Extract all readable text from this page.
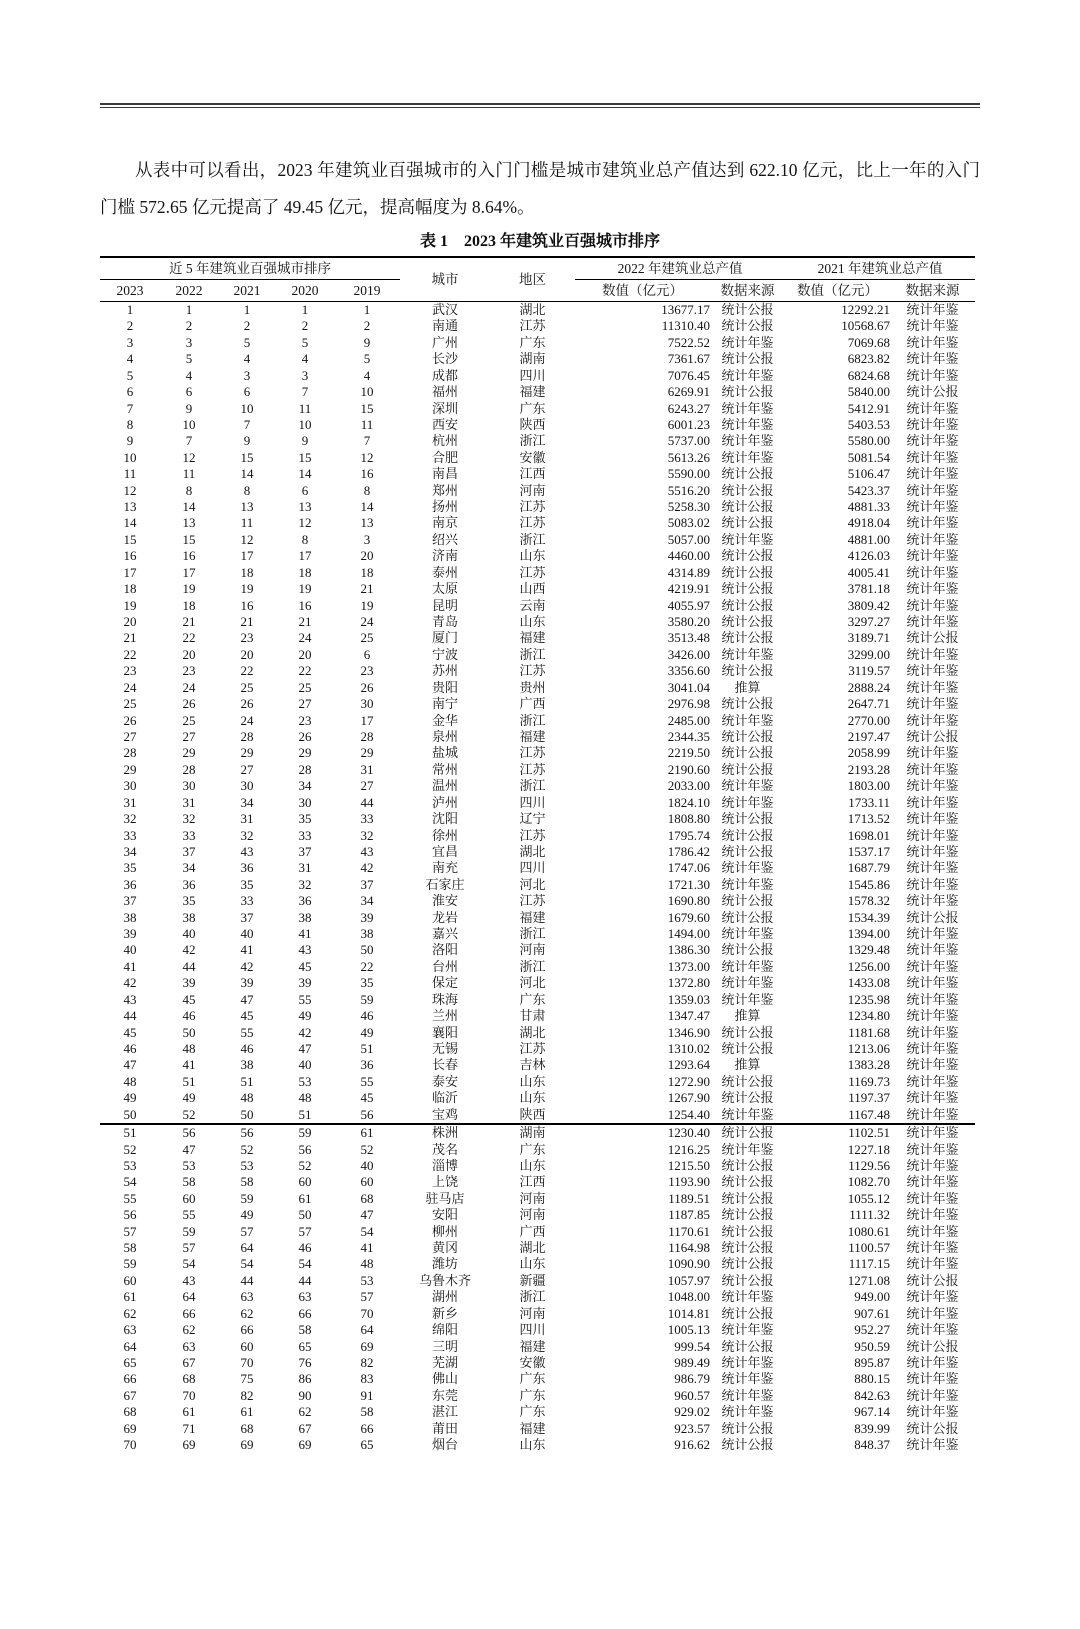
从表中可以看出，2023 年建筑业百强城市的入门门槛是城市建筑业总产值达到 622.10 亿元，比上一年的入门门槛 572.65 亿元提高了 49.45 亿元，提高幅度为 8.64%。

表 1　2023 年建筑业百强城市排序
近 5 年建筑业百强城市排序					城市	地区	2022 年建筑业总产值		2021 年建筑业总产值	
2023	2022	2021	2020	2019			数值（亿元）	数据来源	数值（亿元）	数据来源
1	1	1	1	1	武汉	湖北	13677.17	统计公报	12292.21	统计年鉴
2	2	2	2	2	南通	江苏	11310.40	统计公报	10568.67	统计年鉴
3	3	5	5	9	广州	广东	7522.52	统计年鉴	7069.68	统计年鉴
4	5	4	4	5	长沙	湖南	7361.67	统计公报	6823.82	统计年鉴
5	4	3	3	4	成都	四川	7076.45	统计年鉴	6824.68	统计年鉴
6	6	6	7	10	福州	福建	6269.91	统计公报	5840.00	统计公报
7	9	10	11	15	深圳	广东	6243.27	统计年鉴	5412.91	统计年鉴
8	10	7	10	11	西安	陕西	6001.23	统计年鉴	5403.53	统计年鉴
9	7	9	9	7	杭州	浙江	5737.00	统计年鉴	5580.00	统计年鉴
10	12	15	15	12	合肥	安徽	5613.26	统计年鉴	5081.54	统计年鉴
11	11	14	14	16	南昌	江西	5590.00	统计公报	5106.47	统计年鉴
12	8	8	6	8	郑州	河南	5516.20	统计公报	5423.37	统计年鉴
13	14	13	13	14	扬州	江苏	5258.30	统计公报	4881.33	统计年鉴
14	13	11	12	13	南京	江苏	5083.02	统计公报	4918.04	统计年鉴
15	15	12	8	3	绍兴	浙江	5057.00	统计年鉴	4881.00	统计年鉴
16	16	17	17	20	济南	山东	4460.00	统计公报	4126.03	统计年鉴
17	17	18	18	18	泰州	江苏	4314.89	统计公报	4005.41	统计年鉴
18	19	19	19	21	太原	山西	4219.91	统计公报	3781.18	统计年鉴
19	18	16	16	19	昆明	云南	4055.97	统计公报	3809.42	统计年鉴
20	21	21	21	24	青岛	山东	3580.20	统计公报	3297.27	统计年鉴
21	22	23	24	25	厦门	福建	3513.48	统计公报	3189.71	统计公报
22	20	20	20	6	宁波	浙江	3426.00	统计年鉴	3299.00	统计年鉴
23	23	22	22	23	苏州	江苏	3356.60	统计公报	3119.57	统计年鉴
24	24	25	25	26	贵阳	贵州	3041.04	推算	2888.24	统计年鉴
25	26	26	27	30	南宁	广西	2976.98	统计公报	2647.71	统计年鉴
26	25	24	23	17	金华	浙江	2485.00	统计年鉴	2770.00	统计年鉴
27	27	28	26	28	泉州	福建	2344.35	统计公报	2197.47	统计公报
28	29	29	29	29	盐城	江苏	2219.50	统计公报	2058.99	统计年鉴
29	28	27	28	31	常州	江苏	2190.60	统计公报	2193.28	统计年鉴
30	30	30	34	27	温州	浙江	2033.00	统计年鉴	1803.00	统计年鉴
31	31	34	30	44	泸州	四川	1824.10	统计年鉴	1733.11	统计年鉴
32	32	31	35	33	沈阳	辽宁	1808.80	统计公报	1713.52	统计年鉴
33	33	32	33	32	徐州	江苏	1795.74	统计公报	1698.01	统计年鉴
34	37	43	37	43	宜昌	湖北	1786.42	统计公报	1537.17	统计年鉴
35	34	36	31	42	南充	四川	1747.06	统计年鉴	1687.79	统计年鉴
36	36	35	32	37	石家庄	河北	1721.30	统计年鉴	1545.86	统计年鉴
37	35	33	36	34	淮安	江苏	1690.80	统计公报	1578.32	统计年鉴
38	38	37	38	39	龙岩	福建	1679.60	统计公报	1534.39	统计公报
39	40	40	41	38	嘉兴	浙江	1494.00	统计年鉴	1394.00	统计年鉴
40	42	41	43	50	洛阳	河南	1386.30	统计公报	1329.48	统计年鉴
41	44	42	45	22	台州	浙江	1373.00	统计年鉴	1256.00	统计年鉴
42	39	39	39	35	保定	河北	1372.80	统计年鉴	1433.08	统计年鉴
43	45	47	55	59	珠海	广东	1359.03	统计年鉴	1235.98	统计年鉴
44	46	45	49	46	兰州	甘肃	1347.47	推算	1234.80	统计年鉴
45	50	55	42	49	襄阳	湖北	1346.90	统计公报	1181.68	统计年鉴
46	48	46	47	51	无锡	江苏	1310.02	统计公报	1213.06	统计年鉴
47	41	38	40	36	长春	吉林	1293.64	推算	1383.28	统计年鉴
48	51	51	53	55	泰安	山东	1272.90	统计公报	1169.73	统计年鉴
49	49	48	48	45	临沂	山东	1267.90	统计公报	1197.37	统计年鉴
50	52	50	51	56	宝鸡	陕西	1254.40	统计年鉴	1167.48	统计年鉴
51	56	56	59	61	株洲	湖南	1230.40	统计公报	1102.51	统计年鉴
52	47	52	56	52	茂名	广东	1216.25	统计年鉴	1227.18	统计年鉴
53	53	53	52	40	淄博	山东	1215.50	统计公报	1129.56	统计年鉴
54	58	58	60	60	上饶	江西	1193.90	统计公报	1082.70	统计年鉴
55	60	59	61	68	驻马店	河南	1189.51	统计公报	1055.12	统计年鉴
56	55	49	50	47	安阳	河南	1187.85	统计公报	1111.32	统计年鉴
57	59	57	57	54	柳州	广西	1170.61	统计公报	1080.61	统计年鉴
58	57	64	46	41	黄冈	湖北	1164.98	统计公报	1100.57	统计年鉴
59	54	54	54	48	潍坊	山东	1090.90	统计公报	1117.15	统计年鉴
60	43	44	44	53	乌鲁木齐	新疆	1057.97	统计公报	1271.08	统计公报
61	64	63	63	57	湖州	浙江	1048.00	统计年鉴	949.00	统计年鉴
62	66	62	66	70	新乡	河南	1014.81	统计公报	907.61	统计年鉴
63	62	66	58	64	绵阳	四川	1005.13	统计年鉴	952.27	统计年鉴
64	63	60	65	69	三明	福建	999.54	统计公报	950.59	统计公报
65	67	70	76	82	芜湖	安徽	989.49	统计年鉴	895.87	统计年鉴
66	68	75	86	83	佛山	广东	986.79	统计年鉴	880.15	统计年鉴
67	70	82	90	91	东莞	广东	960.57	统计年鉴	842.63	统计年鉴
68	61	61	62	58	湛江	广东	929.02	统计年鉴	967.14	统计年鉴
69	71	68	67	66	莆田	福建	923.57	统计公报	839.99	统计公报
70	69	69	69	65	烟台	山东	916.62	统计公报	848.37	统计年鉴
